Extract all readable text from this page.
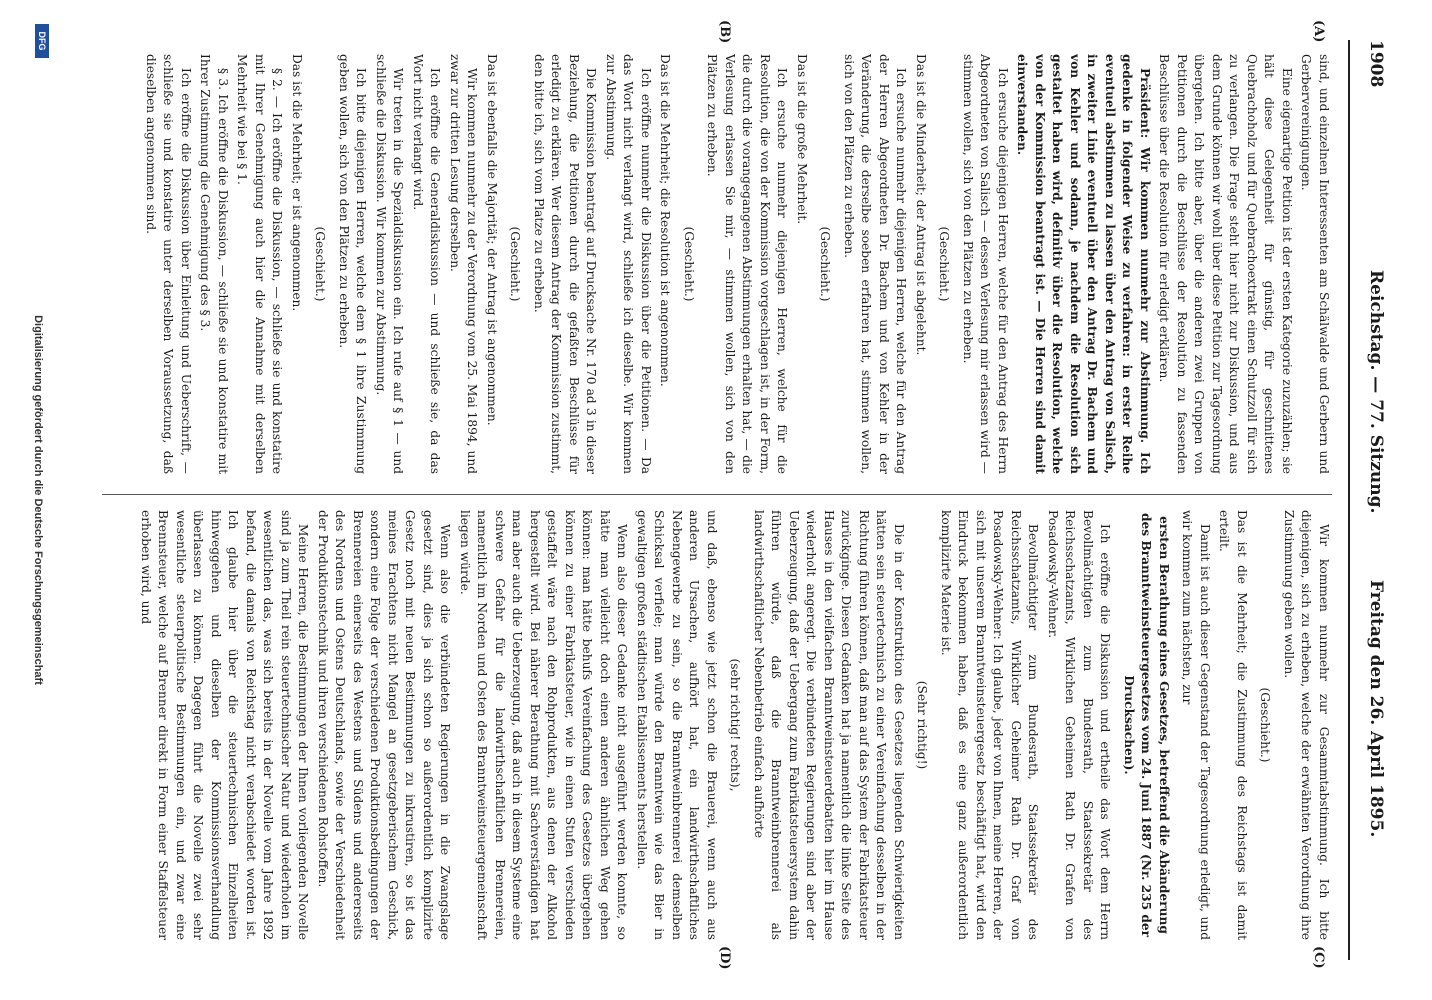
1908
Reichstag. — 77. Sitzung.
Freitag den 26. April 1895.
(A)
(B)
(C)
(D)

sind, und einzelnen Interessenten am Schälwalde und Gerbern und Gerbervereinigungen.

Eine eigenartige Petition ist der ersten Kategorie zuzuzählen; sie hält diese Gelegenheit für günstig, für geschnittenes Quebrachoholz und für Quebrachoextrakt einen Schutzzoll für sich zu verlangen. Die Frage steht hier nicht zur Diskussion, und aus dem Grunde können wir wohl über diese Petition zur Tagesordnung übergehen. Ich bitte aber, über die anderen zwei Gruppen von Petitionen durch die Beschlüsse der Resolution zu fassenden Beschlüsse über die Resolution für erledigt erklären.

Präsident: Wir kommen nunmehr zur Abstimmung. Ich gedenke in folgender Weise zu verfahren: in erster Reihe eventuell abstimmen zu lassen über den Antrag von Salisch, in zweiter Linie eventuell über den Antrag Dr. Bachem und von Kehler und sodann, je nachdem die Resolution sich gestaltet haben wird, definitiv über die Resolution, welche von der Kommission beantragt ist. — Die Herren sind damit einverstanden.

Ich ersuche diejenigen Herren, welche für den Antrag des Herrn Abgeordneten von Salisch — dessen Verlesung mir erlassen wird — stimmen wollen, sich von den Plätzen zu erheben.

(Geschieht.)

Das ist die Minderheit; der Antrag ist abgelehnt.

Ich ersuche nunmehr diejenigen Herren, welche für den Antrag der Herren Abgeordneten Dr. Bachem und von Kehler in der Veränderung, die derselbe soeben erfahren hat, stimmen wollen, sich von den Plätzen zu erheben.

(Geschieht.)

Das ist die große Mehrheit.

Ich ersuche nunmehr diejenigen Herren, welche für die Resolution, die von der Kommission vorgeschlagen ist, in der Form, die durch die vorangegangenen Abstimmungen erhalten hat, — die Verlesung erlassen Sie mir, — stimmen wollen, sich von den Plätzen zu erheben.

(Geschieht.)

Das ist die Mehrheit; die Resolution ist angenommen.

Ich eröffne nunmehr die Diskussion über die Petitionen. — Da das Wort nicht verlangt wird, schließe ich dieselbe. Wir kommen zur Abstimmung.

Die Kommission beantragt auf Drucksache Nr. 170 ad 3 in dieser Beziehung, die Petitionen durch die gefaßten Beschlüsse für erledigt zu erklären. Wer diesem Antrag der Kommission zustimmt, den bitte ich, sich vom Platze zu erheben.

(Geschieht.)

Das ist ebenfalls die Majorität; der Antrag ist angenommen.

Wir kommen nunmehr zu der Verordnung vom 25. Mai 1894, und zwar zur dritten Lesung derselben.

Ich eröffne die Generaldiskussion — und schließe sie, da das Wort nicht verlangt wird.

Wir treten in die Spezialdiskussion ein. Ich rufe auf § 1 — und schließe die Diskussion. Wir kommen zur Abstimmung.

Ich bitte diejenigen Herren, welche dem § 1 ihre Zustimmung geben wollen, sich von den Plätzen zu erheben.

(Geschieht.)

Das ist die Mehrheit; er ist angenommen.

§ 2. — Ich eröffne die Diskussion, — schließe sie und konstatire mit Ihrer Genehmigung auch hier die Annahme mit derselben Mehrheit wie bei § 1.

§ 3. Ich eröffne die Diskussion, — schließe sie und konstatire mit Ihrer Zustimmung die Genehmigung des § 3.

Ich eröffne die Diskussion über Einleitung und Ueberschrift, — schließe sie und konstatire unter derselben Voraussetzung, daß dieselben angenommen sind.

Wir kommen nunmehr zur Gesammtabstimmung. Ich bitte diejenigen, sich zu erheben, welche der erwähnten Verordnung ihre Zustimmung geben wollen.

(Geschieht.)

Das ist die Mehrheit; die Zustimmung des Reichstags ist damit erteilt.

Damit ist auch dieser Gegenstand der Tagesordnung erledigt, und wir kommen zum nächsten, zur

ersten Berathung eines Gesetzes, betreffend die Abänderung des Branntweinsteuergesetzes vom 24. Juni 1887 (Nr. 235 der Drucksachen).

Ich eröffne die Diskussion und ertheile das Wort dem Herrn Bevollmächtigten zum Bundesrath, Staatssekretär des Reichsschatzamts, Wirklichen Geheimen Rath Dr. Grafen von Posadowsky-Wehner.

Bevollmächtigter zum Bundesrath, Staatssekretär des Reichsschatzamts, Wirklicher Geheimer Rath Dr. Graf von Posadowsky-Wehner: Ich glaube, jeder von Ihnen, meine Herren, der sich mit unserem Branntweinsteuergesetz beschäftigt hat, wird den Eindruck bekommen haben, daß es eine ganz außerordentlich komplizirte Materie ist.

(Sehr richtig!)

Die in der Konstruktion des Gesetzes liegenden Schwierigkeiten hätten sein steuertechnisch zu einer Vereinfachung desselben in der Richtung führen können, daß man auf das System der Fabrikatsteuer zurückginge. Diesen Gedanken hat ja namentlich die linke Seite des Hauses in den vielfachen Branntweinsteuerdebatten hier im Hause wiederholt angeregt. Die verbündeten Regierungen sind aber der Ueberzeugung, daß der Uebergang zum Fabrikatsteuersystem dahin führen würde, daß die Branntweinbrennerei als landwirthschaftlicher Nebenbetrieb einfach aufhörte

(sehr richtig! rechts),

und daß, ebenso wie jetzt schon die Brauerei, wenn auch aus anderen Ursachen, aufhört hat, ein landwirthschaftliches Nebengewerbe zu sein, so die Branntweinbrennerei demselben Schicksal verfiele; man würde den Branntwein wie das Bier in gewaltigen großen städtischen Etablissements herstellen.

Wenn also dieser Gedanke nicht ausgeführt werden konnte, so hätte man vielleicht doch einen anderen ähnlichen Weg gehen können: man hätte behufs Vereinfachung des Gesetzes übergehen können zu einer Fabrikatsteuer, wie in einen Stufen verschieden gestaffelt wäre nach den Rohprodukten, aus denen der Alkohol hergestellt wird. Bei näherer Berathung mit Sachverständigen hat man aber auch die Ueberzeugung, daß auch in diesem Systeme eine schwere Gefahr für die landwirthschaftlichen Brennereien, namentlich im Norden und Osten des Branntweinsteuergemeinschaft liegen würde.

Wenn also die verbündeten Regierungen in die Zwangslage gesetzt sind, dies ja sich schon so außerordentlich komplizirte Gesetz noch mit neuen Bestimmungen zu inkrustiren, so ist das meines Erachtens nicht Mangel an gesetzgeberischem Geschick, sondern eine Folge der verschiedenen Produktionsbedingungen der Brennereien einerseits des Westens und Südens und andererseits des Nordens und Ostens Deutschlands, sowie der Verschiedenheit der Produktionstechnik und ihren verschiedenen Rohstoffen.

Meine Herren, die Bestimmungen der Ihnen vorliegenden Novelle sind ja zum Theil rein steuertechnischer Natur und wiederholen im wesentlichen das, was sich bereits in der Novelle vom Jahre 1892 befand, die damals von Reichstag nicht verabschiedet worden ist. Ich glaube hier über die steuertechnischen Einzelheiten hinweggehen und dieselben der Kommissionsverhandlung überlassen zu können. Dagegen führt die Novelle zwei sehr wesentliche steuerpolitische Bestimmungen ein, und zwar eine Brennsteuer, welche auf Brenner direkt in Form einer Staffelsteuer erhoben wird, und

DFG
Digitalisierung gefördert durch die Deutsche Forschungsgemeinschaft
